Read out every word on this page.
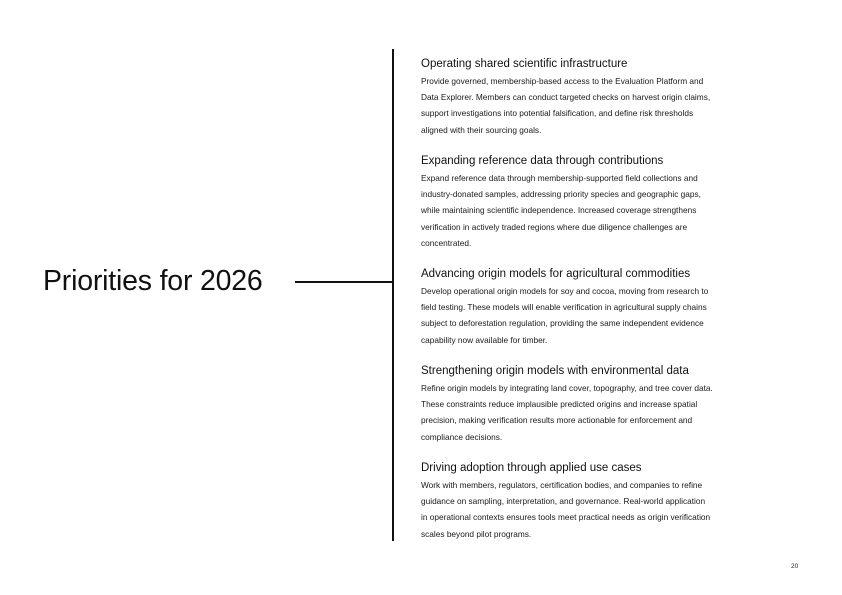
Priorities for 2026
Operating shared scientific infrastructure
Provide governed, membership-based access to the Evaluation Platform and
Data Explorer. Members can conduct targeted checks on harvest origin claims,
support investigations into potential falsification, and define risk thresholds
aligned with their sourcing goals.
Expanding reference data through contributions
Expand reference data through membership-supported field collections and
industry-donated samples, addressing priority species and geographic gaps,
while maintaining scientific independence. Increased coverage strengthens
verification in actively traded regions where due diligence challenges are
concentrated.
Advancing origin models for agricultural commodities
Develop operational origin models for soy and cocoa, moving from research to
field testing. These models will enable verification in agricultural supply chains
subject to deforestation regulation, providing the same independent evidence
capability now available for timber.
Strengthening origin models with environmental data
Refine origin models by integrating land cover, topography, and tree cover data.
These constraints reduce implausible predicted origins and increase spatial
precision, making verification results more actionable for enforcement and
compliance decisions.
Driving adoption through applied use cases
Work with members, regulators, certification bodies, and companies to refine
guidance on sampling, interpretation, and governance. Real-world application
in operational contexts ensures tools meet practical needs as origin verification
scales beyond pilot programs.
20
